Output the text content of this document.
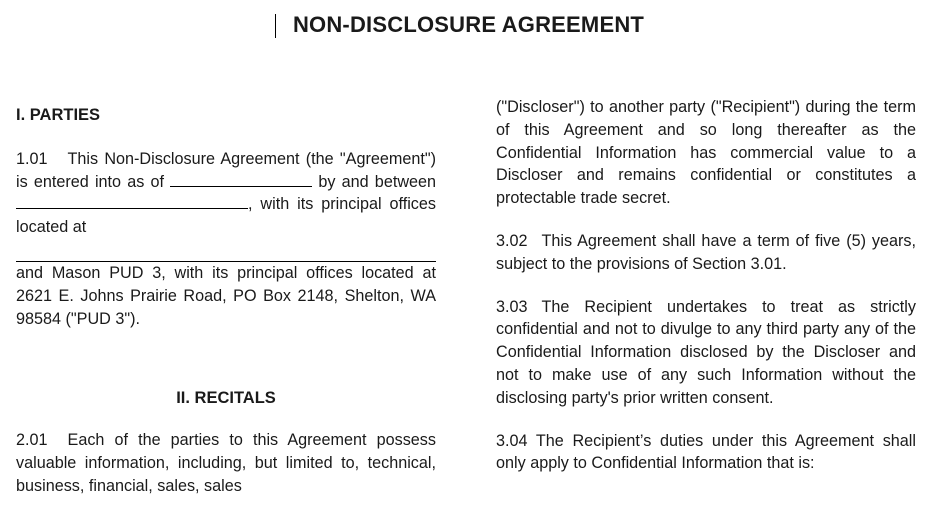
NON-DISCLOSURE AGREEMENT

I. PARTIES

1.01 This Non-Disclosure Agreement (the "Agreement") is entered into as of	by and between , with its principal offices located at

and Mason PUD 3, with its principal offices located at 2621 E. Johns Prairie Road, PO Box 2148, Shelton, WA 98584 ("PUD 3").

II. RECITALS

2.01 Each of the parties to this Agreement possess valuable information, including, but limited to, technical, business, financial, sales, sales

("Discloser") to another party ("Recipient") during the term of this Agreement and so long thereafter as the Confidential Information has commercial value to a Discloser and remains confidential or constitutes a protectable trade secret.

3.02 This Agreement shall have a term of five (5) years, subject to the provisions of Section 3.01.

3.03 The Recipient undertakes to treat as strictly confidential and not to divulge to any third party any of the Confidential Information disclosed by the Discloser and not to make use of any such Information without the disclosing party's prior written consent.

3.04 The Recipient’s duties under this Agreement shall only apply to Confidential Information that is:
